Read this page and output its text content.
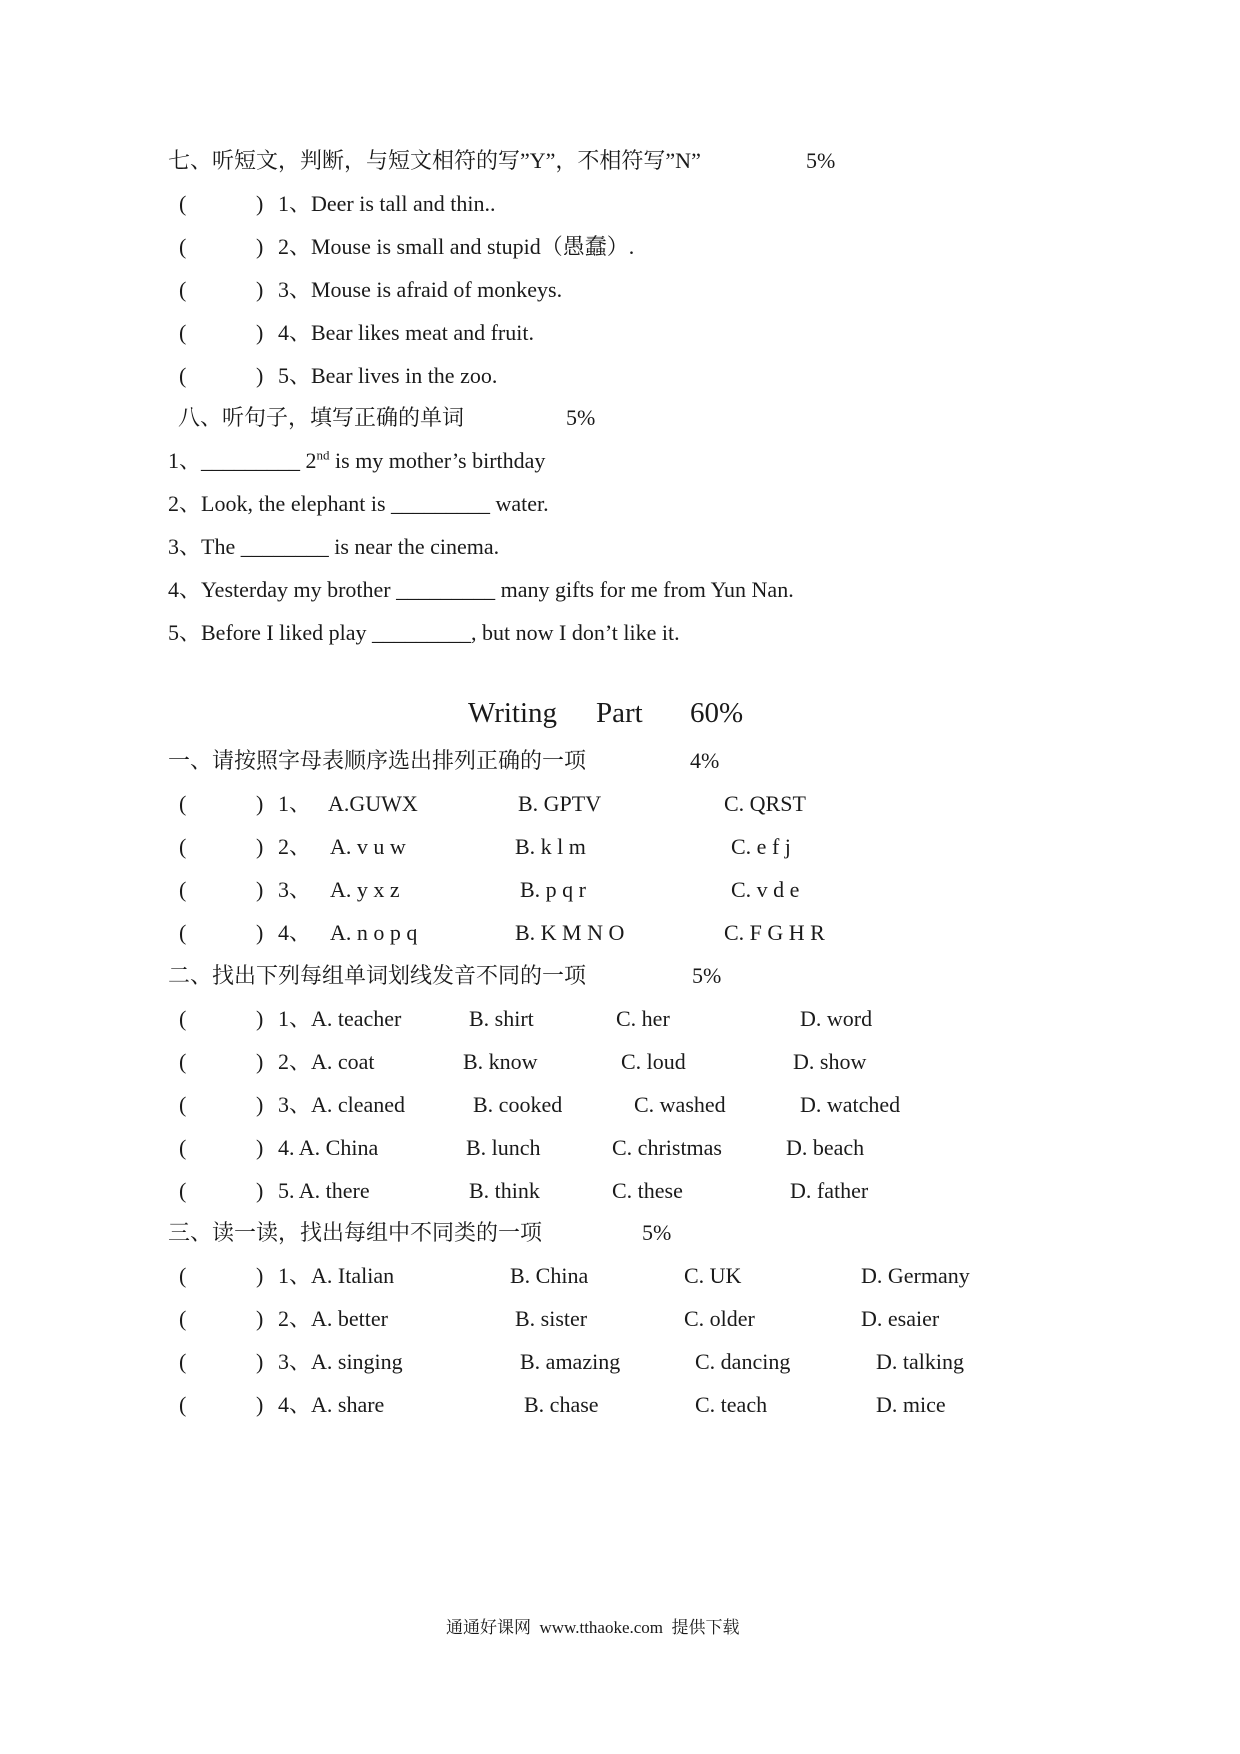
七、听短文，判断，与短文相符的写”Y”，不相符写”N”	5%
(	) 1、Deer is tall and thin..
(	) 2、Mouse is small and stupid（愚蠢）.
(	) 3、Mouse is afraid of monkeys.
(	) 4、Bear likes meat and fruit.
(	) 5、Bear lives in the zoo.
八、听句子，填写正确的单词	5%
1、_________ 2nd is my mother’s birthday
2、Look, the elephant is _________ water.
3、The ________ is near the cinema.
4、Yesterday my brother _________ many gifts for me from Yun Nan.
5、Before I liked play _________, but now I don’t like it.
Writing Part 60%
一、请按照字母表顺序选出排列正确的一项	4%
(	) 1、 A.GUWX	B. GPTV	C. QRST
(	) 2、 A. v u w	B. k l m	C. e f j
(	) 3、 A. y x z	B. p q r	C. v d e
(	) 4、 A. n o p q	B. K M N O	C. F G H R
二、找出下列每组单词划线发音不同的一项	5%
(	) 1、A. teacher	B. shirt	C. her	D. word
(	) 2、A. coat	B. know	C. loud	D. show
(	) 3、A. cleaned	B. cooked	C. washed	D. watched
(	) 4. A. China	B. lunch	C. christmas	D. beach
(	) 5. A. there	B. think	C. these	D. father
三、读一读，找出每组中不同类的一项	5%
(	) 1、A. Italian	B. China	C. UK	D. Germany
(	) 2、A. better	B. sister	C. older	D. esaier
(	) 3、A. singing	B. amazing	C. dancing	D. talking
(	) 4、A. share	B. chase	C. teach	D. mice
通通好课网  www.tthaoke.com  提供下载
